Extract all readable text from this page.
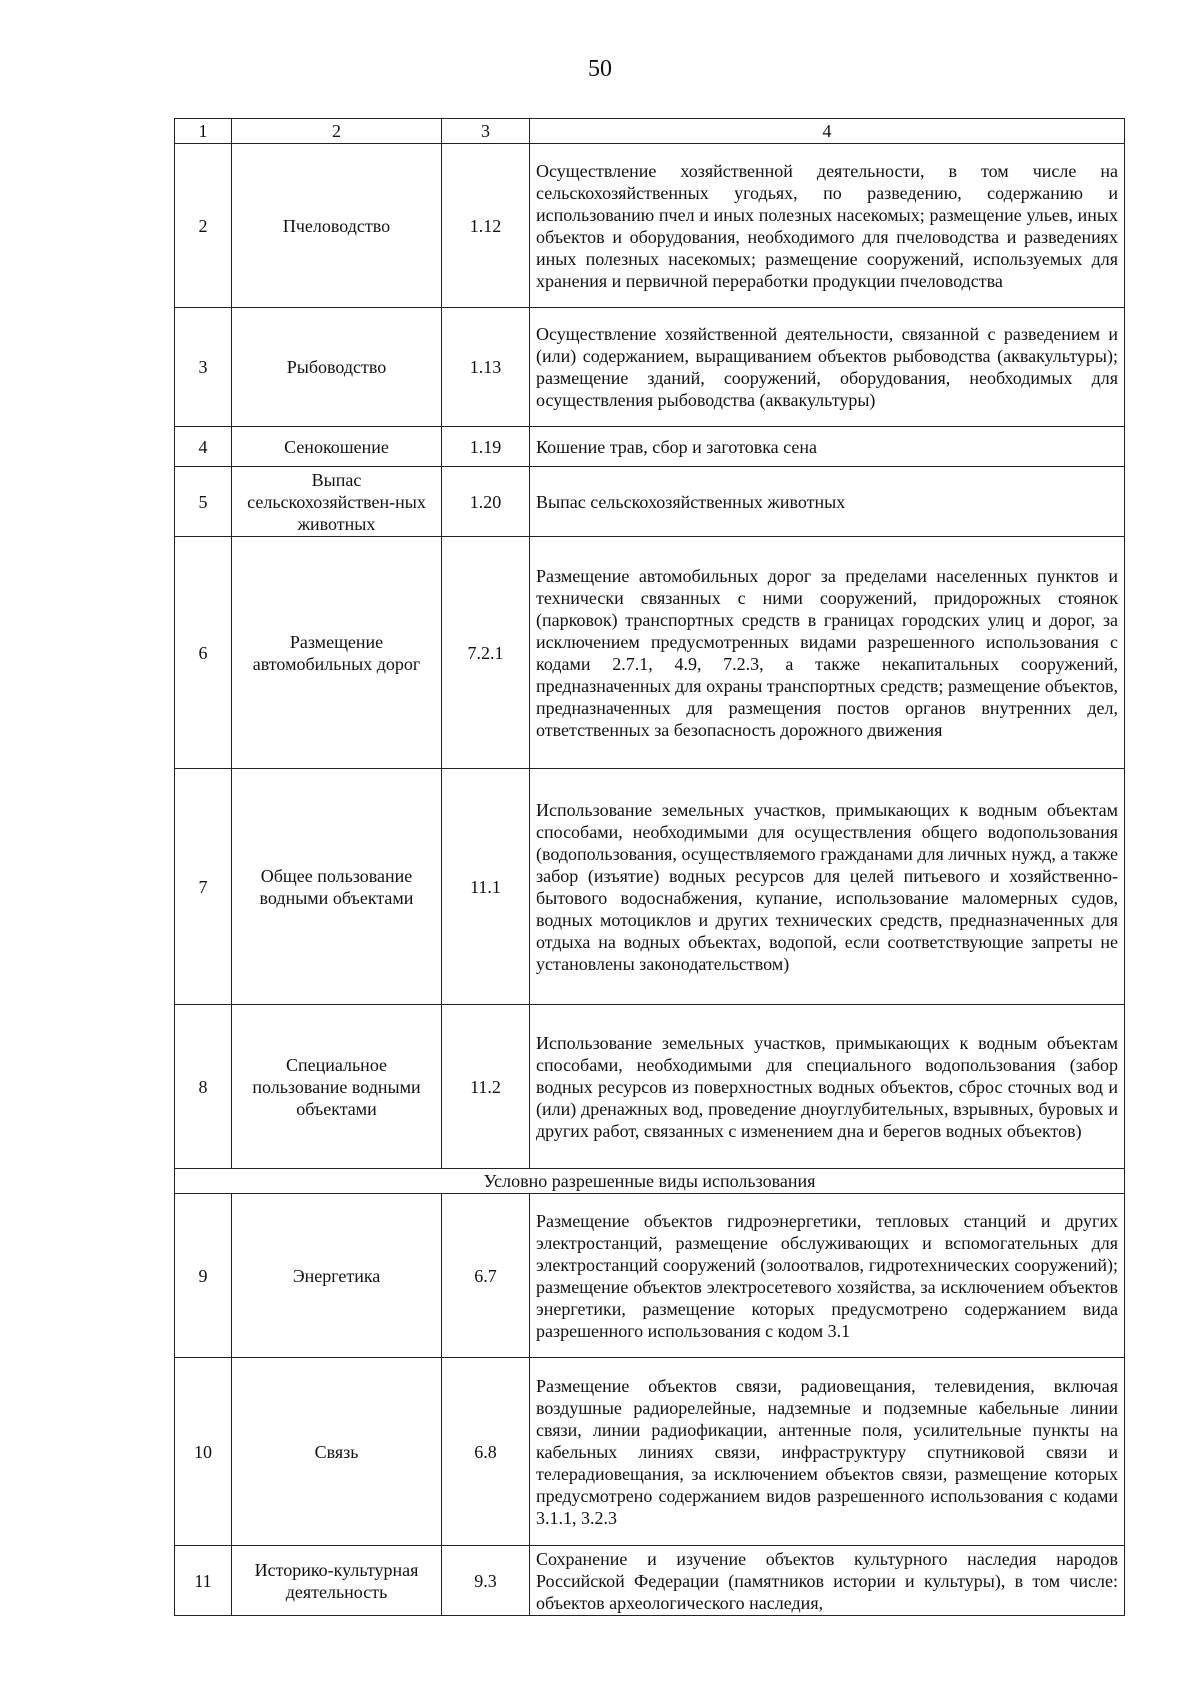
50
1	2	3	4
2	Пчеловодство	1.12	Осуществление хозяйственной деятельности, в том числе на сельскохозяйственных угодьях, по разведению, содержанию и использованию пчел и иных полезных насекомых; размещение ульев, иных объектов и оборудования, необходимого для пчеловодства и разведениях иных полезных насекомых; размещение сооружений, используемых для хранения и первичной переработки продукции пчеловодства
3	Рыбоводство	1.13	Осуществление хозяйственной деятельности, связанной с разведением и (или) содержанием, выращиванием объектов рыбоводства (аквакультуры); размещение зданий, сооружений, оборудования, необходимых для осуществления рыбоводства (аквакультуры)
4	Сенокошение	1.19	Кошение трав, сбор и заготовка сена
5	Выпас сельскохозяйствен-ных животных	1.20	Выпас сельскохозяйственных животных
6	Размещение автомобильных дорог	7.2.1	Размещение автомобильных дорог за пределами населенных пунктов и технически связанных с ними сооружений, придорожных стоянок (парковок) транспортных средств в границах городских улиц и дорог, за исключением предусмотренных видами разрешенного использования с кодами 2.7.1, 4.9, 7.2.3, а также некапитальных сооружений, предназначенных для охраны транспортных средств; размещение объектов, предназначенных для размещения постов органов внутренних дел, ответственных за безопасность дорожного движения
7	Общее пользование водными объектами	11.1	Использование земельных участков, примыкающих к водным объектам способами, необходимыми для осуществления общего водопользования (водопользования, осуществляемого гражданами для личных нужд, а также забор (изъятие) водных ресурсов для целей питьевого и хозяйственно-бытового водоснабжения, купание, использование маломерных судов, водных мотоциклов и других технических средств, предназначенных для отдыха на водных объектах, водопой, если соответствующие запреты не установлены законодательством)
8	Специальное пользование водными объектами	11.2	Использование земельных участков, примыкающих к водным объектам способами, необходимыми для специального водопользования (забор водных ресурсов из поверхностных водных объектов, сброс сточных вод и (или) дренажных вод, проведение дноуглубительных, взрывных, буровых и других работ, связанных с изменением дна и берегов водных объектов)
Условно разрешенные виды использования			
9	Энергетика	6.7	Размещение объектов гидроэнергетики, тепловых станций и других электростанций, размещение обслуживающих и вспомогательных для электростанций сооружений (золоотвалов, гидротехнических сооружений); размещение объектов электросетевого хозяйства, за исключением объектов энергетики, размещение которых предусмотрено содержанием вида разрешенного использования с кодом 3.1
10	Связь	6.8	Размещение объектов связи, радиовещания, телевидения, включая воздушные радиорелейные, надземные и подземные кабельные линии связи, линии радиофикации, антенные поля, усилительные пункты на кабельных линиях связи, инфраструктуру спутниковой связи и телерадиовещания, за исключением объектов связи, размещение которых предусмотрено содержанием видов разрешенного использования с кодами 3.1.1, 3.2.3
11	Историко-культурная деятельность	9.3	Сохранение и изучение объектов культурного наследия народов Российской Федерации (памятников истории и культуры), в том числе: объектов археологического наследия,
